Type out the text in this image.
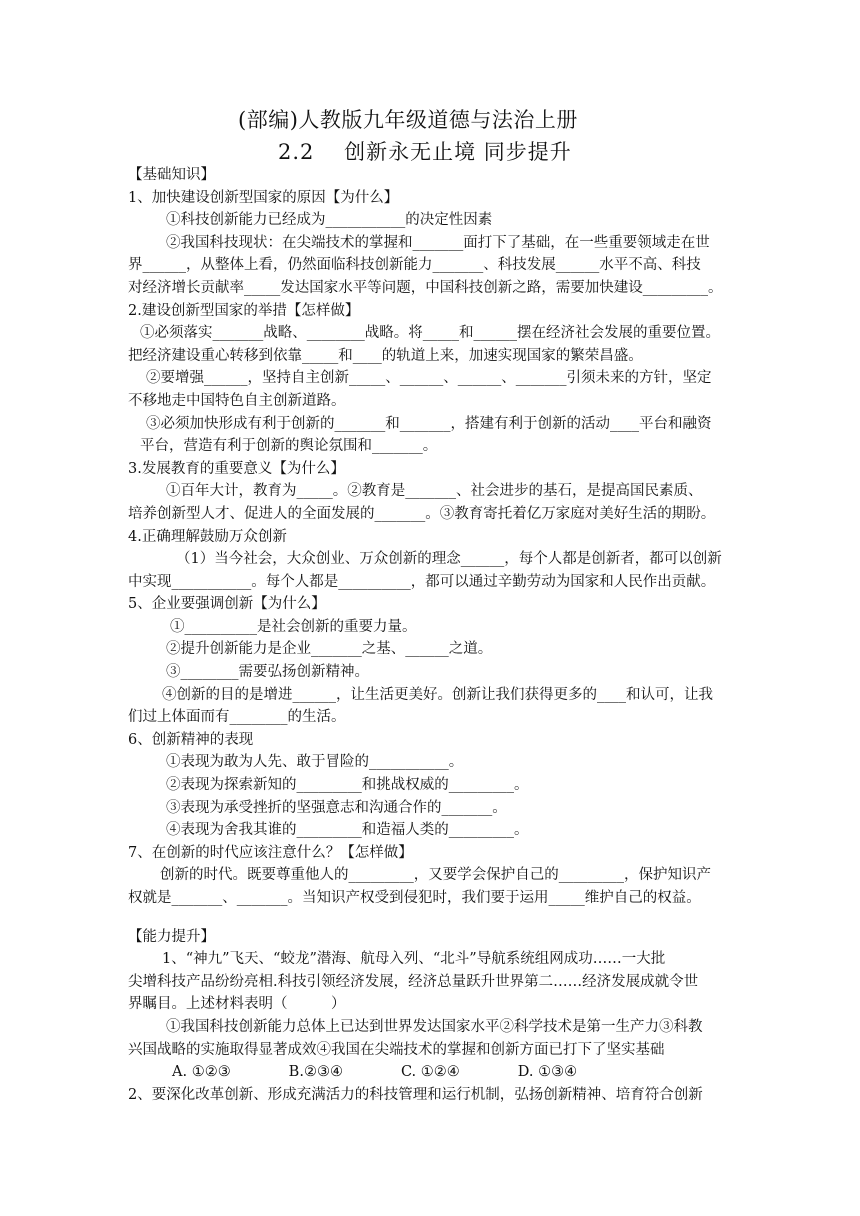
(部编)人教版九年级道德与法治上册
2.2　 创新永无止境 同步提升
【基础知识】
1、加快建设创新型国家的原因【为什么】
①科技创新能力已经成为___________的决定性因素
②我国科技现状：在尖端技术的掌握和_______面打下了基础，在一些重要领域走在世
界______，从整体上看，仍然面临科技创新能力_______、科技发展______水平不高、科技
对经济增长贡献率_____发达国家水平等问题，中国科技创新之路，需要加快建设_________。
2.建设创新型国家的举措【怎样做】
①必须落实_______战略、________战略。将_____和______摆在经济社会发展的重要位置。
把经济建设重心转移到依靠_____和____的轨道上来，加速实现国家的繁荣昌盛。
②要增强______，坚持自主创新_____、______、______、_______引须未来的方针，坚定
不移地走中国特色自主创新道路。
③必须加快形成有利于创新的_______和_______，搭建有利于创新的活动____平台和融资
平台，营造有利于创新的舆论氛围和_______。
3.发展教育的重要意义【为什么】
①百年大计，教育为_____。②教育是_______、社会进步的基石，是提高国民素质、
培养创新型人才、促进人的全面发展的_______。③教育寄托着亿万家庭对美好生活的期盼。
4.正确理解鼓励万众创新
（1）当今社会，大众创业、万众创新的理念______，每个人都是创新者，都可以创新
中实现___________。每个人都是__________，都可以通过辛勤劳动为国家和人民作出贡献。
5、企业要强调创新【为什么】
①__________是社会创新的重要力量。
②提升创新能力是企业_______之基、______之道。
③________需要弘扬创新精神。
④创新的目的是增进______，让生活更美好。创新让我们获得更多的____和认可，让我
们过上体面而有________的生活。
6、创新精神的表现
①表现为敢为人先、敢于冒险的___________。
②表现为探索新知的_________和挑战权威的_________。
③表现为承受挫折的坚强意志和沟通合作的_______。
④表现为舍我其谁的_________和造福人类的_________。
7、在创新的时代应该注意什么？【怎样做】
创新的时代。既要尊重他人的_________，又要学会保护自己的_________，保护知识产
权就是_______、_______。当知识产权受到侵犯时，我们要于运用_____维护自己的权益。
【能力提升】
1、“神九”飞天、“蛟龙”潜海、航母入列、“北斗”导航系统组网成功……一大批
尖增科技产品纷纷亮相.科技引领经济发展，经济总量跃升世界第二……经济发展成就令世
界瞩目。上述材料表明（　　　）
①我国科技创新能力总体上已达到世界发达国家水平②科学技术是第一生产力③科教
兴国战略的实施取得显著成效④我国在尖端技术的掌握和创新方面已打下了坚实基础
A. ①②③　　　　B.②③④　　　　C. ①②④　　　　D. ①③④
2、要深化改革创新、形成充满活力的科技管理和运行机制，弘扬创新精神、培育符合创新
